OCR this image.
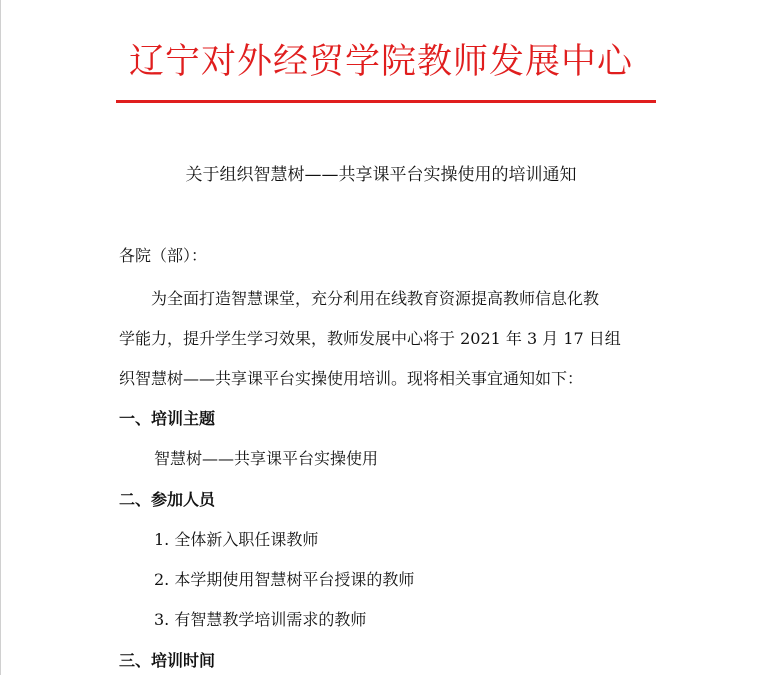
辽宁对外经贸学院教师发展中心
关于组织智慧树——共享课平台实操使用的培训通知
各院（部）：
为全面打造智慧课堂，充分利用在线教育资源提高教师信息化教
学能力，提升学生学习效果，教师发展中心将于 2021 年 3 月 17 日组
织智慧树——共享课平台实操使用培训。现将相关事宜通知如下：
一、培训主题
智慧树——共享课平台实操使用
二、参加人员
1. 全体新入职任课教师
2. 本学期使用智慧树平台授课的教师
3. 有智慧教学培训需求的教师
三、培训时间
